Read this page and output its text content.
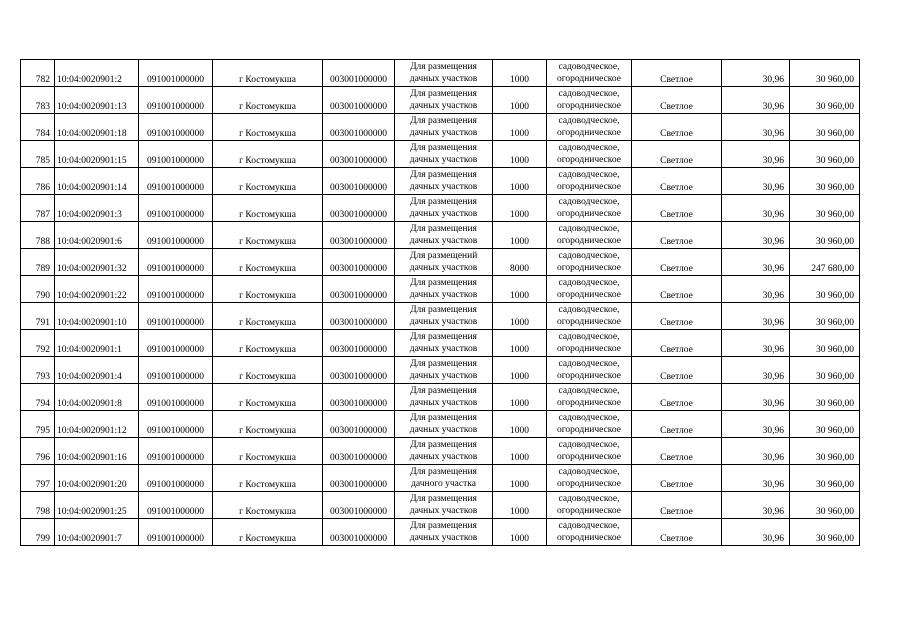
782	10:04:0020901:2	091001000000	г Костомукша	003001000000	Для размещения
дачных участков	1000	садоводческое,
огородническое	Светлое	30,96	30 960,00
783	10:04:0020901:13	091001000000	г Костомукша	003001000000	Для размещения
дачных участков	1000	садоводческое,
огородническое	Светлое	30,96	30 960,00
784	10:04:0020901:18	091001000000	г Костомукша	003001000000	Для размещения
дачных участков	1000	садоводческое,
огородническое	Светлое	30,96	30 960,00
785	10:04:0020901:15	091001000000	г Костомукша	003001000000	Для размещения
дачных участков	1000	садоводческое,
огородническое	Светлое	30,96	30 960,00
786	10:04:0020901:14	091001000000	г Костомукша	003001000000	Для размещения
дачных участков	1000	садоводческое,
огородническое	Светлое	30,96	30 960,00
787	10:04:0020901:3	091001000000	г Костомукша	003001000000	Для размещения
дачных участков	1000	садоводческое,
огородническое	Светлое	30,96	30 960,00
788	10:04:0020901:6	091001000000	г Костомукша	003001000000	Для размещения
дачных участков	1000	садоводческое,
огородническое	Светлое	30,96	30 960,00
789	10:04:0020901:32	091001000000	г Костомукша	003001000000	Для размещений
дачных участков	8000	садоводческое,
огородническое	Светлое	30,96	247 680,00
790	10:04:0020901:22	091001000000	г Костомукша	003001000000	Для размещения
дачных участков	1000	садоводческое,
огородническое	Светлое	30,96	30 960,00
791	10:04:0020901:10	091001000000	г Костомукша	003001000000	Для размещения
дачных участков	1000	садоводческое,
огородническое	Светлое	30,96	30 960,00
792	10:04:0020901:1	091001000000	г Костомукша	003001000000	Для размещения
дачных участков	1000	садоводческое,
огородническое	Светлое	30,96	30 960,00
793	10:04:0020901:4	091001000000	г Костомукша	003001000000	Для размещения
дачных участков	1000	садоводческое,
огородническое	Светлое	30,96	30 960,00
794	10:04:0020901:8	091001000000	г Костомукша	003001000000	Для размещения
дачных участков	1000	садоводческое,
огородническое	Светлое	30,96	30 960,00
795	10:04:0020901:12	091001000000	г Костомукша	003001000000	Для размещения
дачных участков	1000	садоводческое,
огородническое	Светлое	30,96	30 960,00
796	10:04:0020901:16	091001000000	г Костомукша	003001000000	Для размещения
дачных участков	1000	садоводческое,
огородническое	Светлое	30,96	30 960,00
797	10:04:0020901:20	091001000000	г Костомукша	003001000000	Для размещения
дачного участка	1000	садоводческое,
огородническое	Светлое	30,96	30 960,00
798	10:04:0020901:25	091001000000	г Костомукша	003001000000	Для размещения
дачных участков	1000	садоводческое,
огородническое	Светлое	30,96	30 960,00
799	10:04:0020901:7	091001000000	г Костомукша	003001000000	Для размещения
дачных участков	1000	садоводческое,
огородническое	Светлое	30,96	30 960,00
